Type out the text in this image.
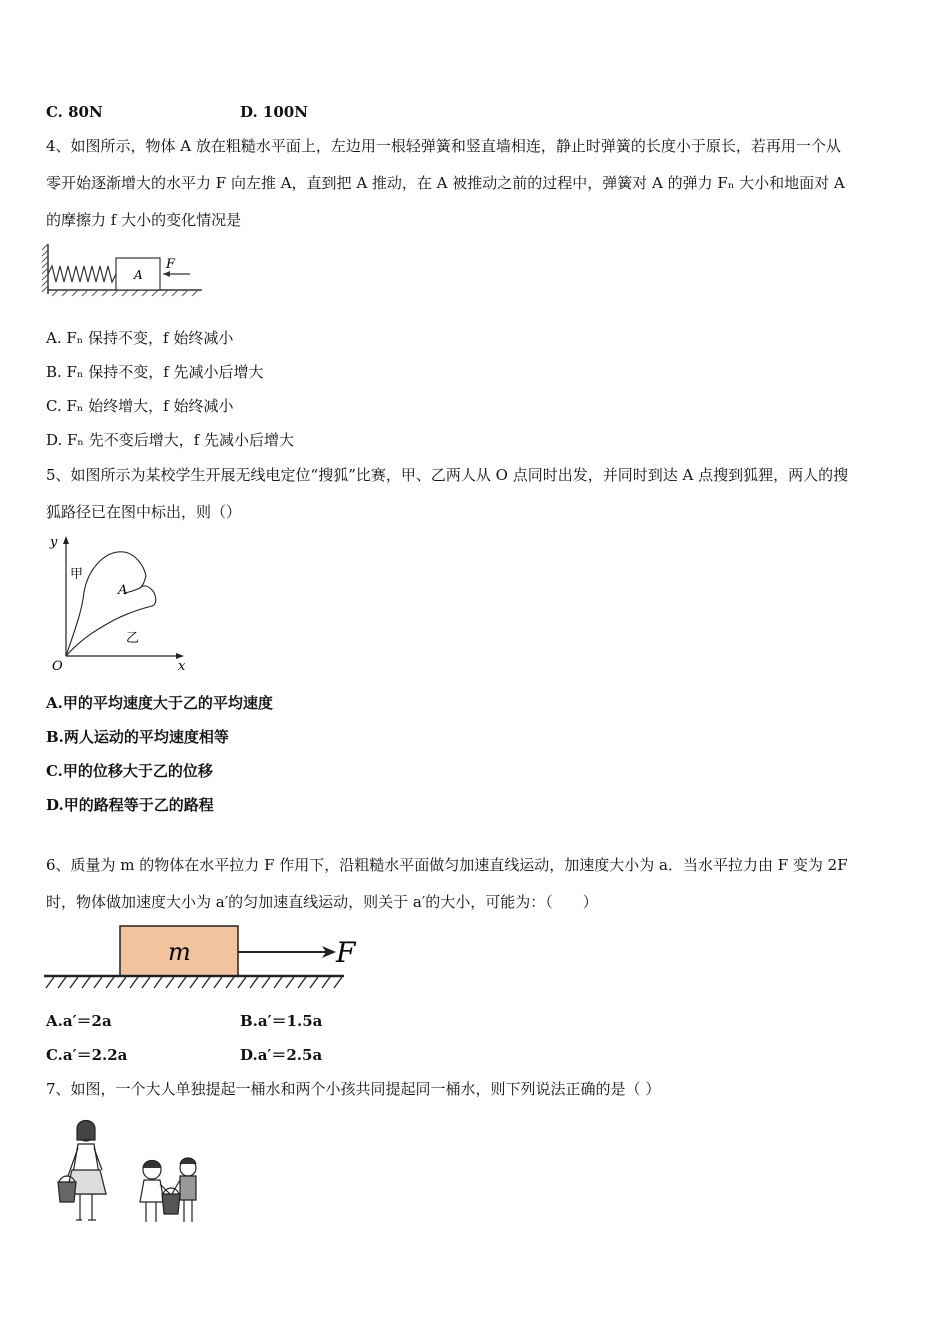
C. 80N	D. 100N
4、如图所示，物体 A 放在粗糙水平面上，左边用一根轻弹簧和竖直墙相连，静止时弹簧的长度小于原长，若再用一个从
零开始逐渐增大的水平力 F 向左推 A，直到把 A 推动，在 A 被推动之前的过程中，弹簧对 A 的弹力 Fₙ 大小和地面对 A
的摩擦力 f 大小的变化情况是
A
F
A. Fₙ 保持不变，f 始终减小
B. Fₙ 保持不变，f 先减小后增大
C. Fₙ 始终增大，f 始终减小
D. Fₙ 先不变后增大，f 先减小后增大
5、如图所示为某校学生开展无线电定位“搜狐”比赛，甲、乙两人从 O 点同时出发，并同时到达 A 点搜到狐狸，两人的搜
狐路径已在图中标出，则（）
y
x
O
甲
A
乙
A.甲的平均速度大于乙的平均速度
B.两人运动的平均速度相等
C.甲的位移大于乙的位移
D.甲的路程等于乙的路程
6、质量为 m 的物体在水平拉力 F 作用下，沿粗糙水平面做匀加速直线运动，加速度大小为 a．当水平拉力由 F 变为 2F
时，物体做加速度大小为 a′的匀加速直线运动，则关于 a′的大小，可能为：（　　）
m	F
A.a′＝2a	B.a′＝1.5a
C.a′＝2.2a	D.a′＝2.5a
7、如图，一个大人单独提起一桶水和两个小孩共同提起同一桶水，则下列说法正确的是（ ）
